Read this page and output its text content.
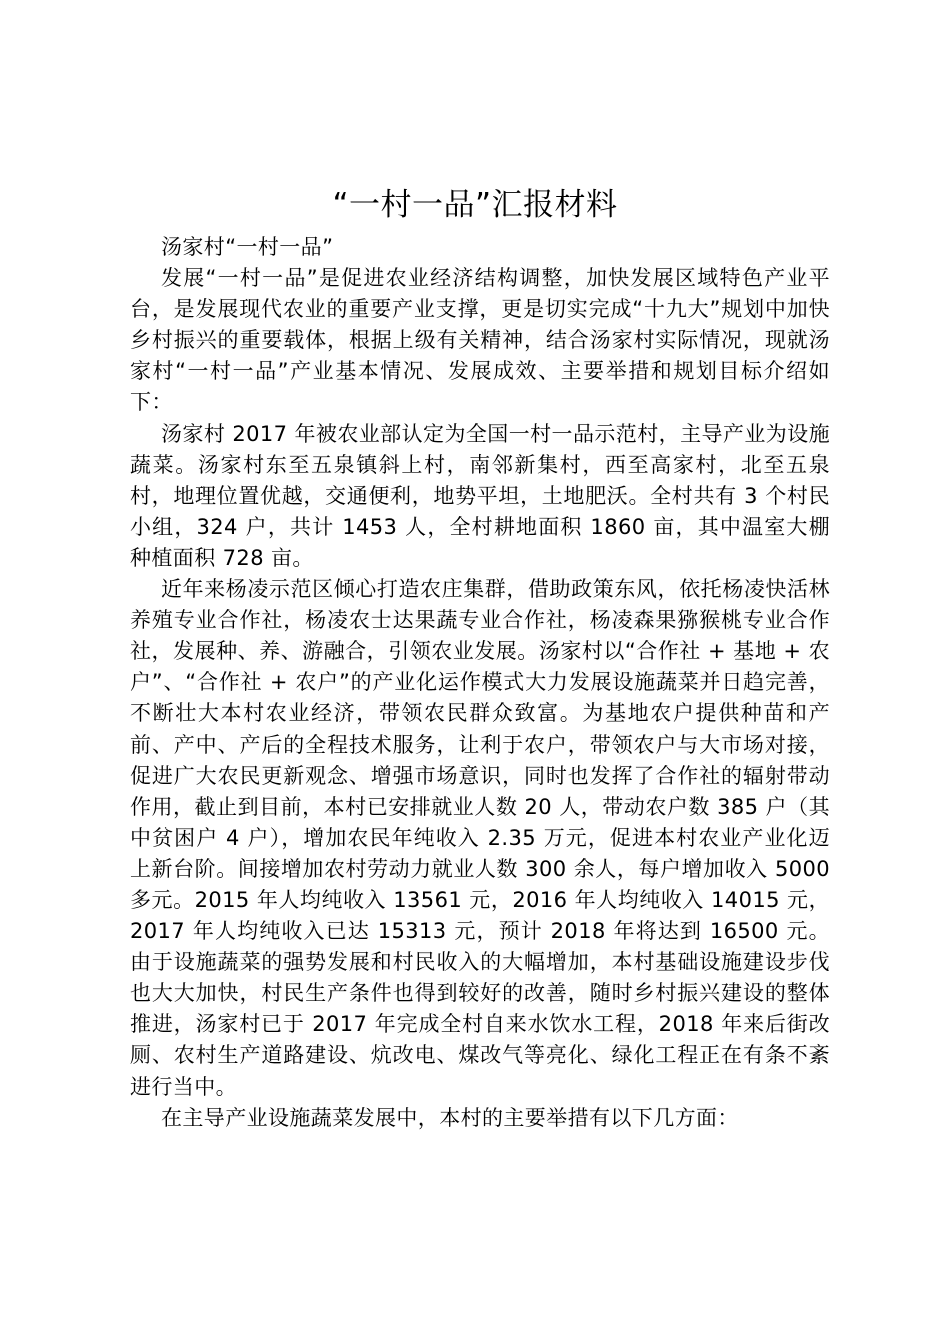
“一村一品”汇报材料

汤家村“一村一品”

发展“一村一品”是促进农业经济结构调整，加快发展区域特色产业平台，是发展现代农业的重要产业支撑，更是切实完成“十九大”规划中加快乡村振兴的重要载体，根据上级有关精神，结合汤家村实际情况，现就汤家村“一村一品”产业基本情况、发展成效、主要举措和规划目标介绍如下：

汤家村 2017 年被农业部认定为全国一村一品示范村，主导产业为设施蔬菜。汤家村东至五泉镇斜上村，南邻新集村，西至高家村，北至五泉村，地理位置优越，交通便利，地势平坦，土地肥沃。全村共有 3 个村民小组，324 户，共计 1453 人，全村耕地面积 1860 亩，其中温室大棚种植面积 728 亩。

近年来杨凌示范区倾心打造农庄集群，借助政策东风，依托杨凌快活林养殖专业合作社，杨凌农士达果蔬专业合作社，杨凌森果猕猴桃专业合作社，发展种、养、游融合，引领农业发展。汤家村以“合作社 + 基地 + 农户”、“合作社 + 农户”的产业化运作模式大力发展设施蔬菜并日趋完善，不断壮大本村农业经济，带领农民群众致富。为基地农户提供种苗和产前、产中、产后的全程技术服务，让利于农户，带领农户与大市场对接，促进广大农民更新观念、增强市场意识，同时也发挥了合作社的辐射带动作用，截止到目前，本村已安排就业人数 20 人，带动农户数 385 户（其中贫困户 4 户），增加农民年纯收入 2.35 万元，促进本村农业产业化迈上新台阶。间接增加农村劳动力就业人数 300 余人，每户增加收入 5000 多元。2015 年人均纯收入 13561 元，2016 年人均纯收入 14015 元，2017 年人均纯收入已达 15313 元，预计 2018 年将达到 16500 元。由于设施蔬菜的强势发展和村民收入的大幅增加，本村基础设施建设步伐也大大加快，村民生产条件也得到较好的改善，随时乡村振兴建设的整体推进，汤家村已于 2017 年完成全村自来水饮水工程，2018 年来后街改厕、农村生产道路建设、炕改电、煤改气等亮化、绿化工程正在有条不紊进行当中。

在主导产业设施蔬菜发展中，本村的主要举措有以下几方面：
